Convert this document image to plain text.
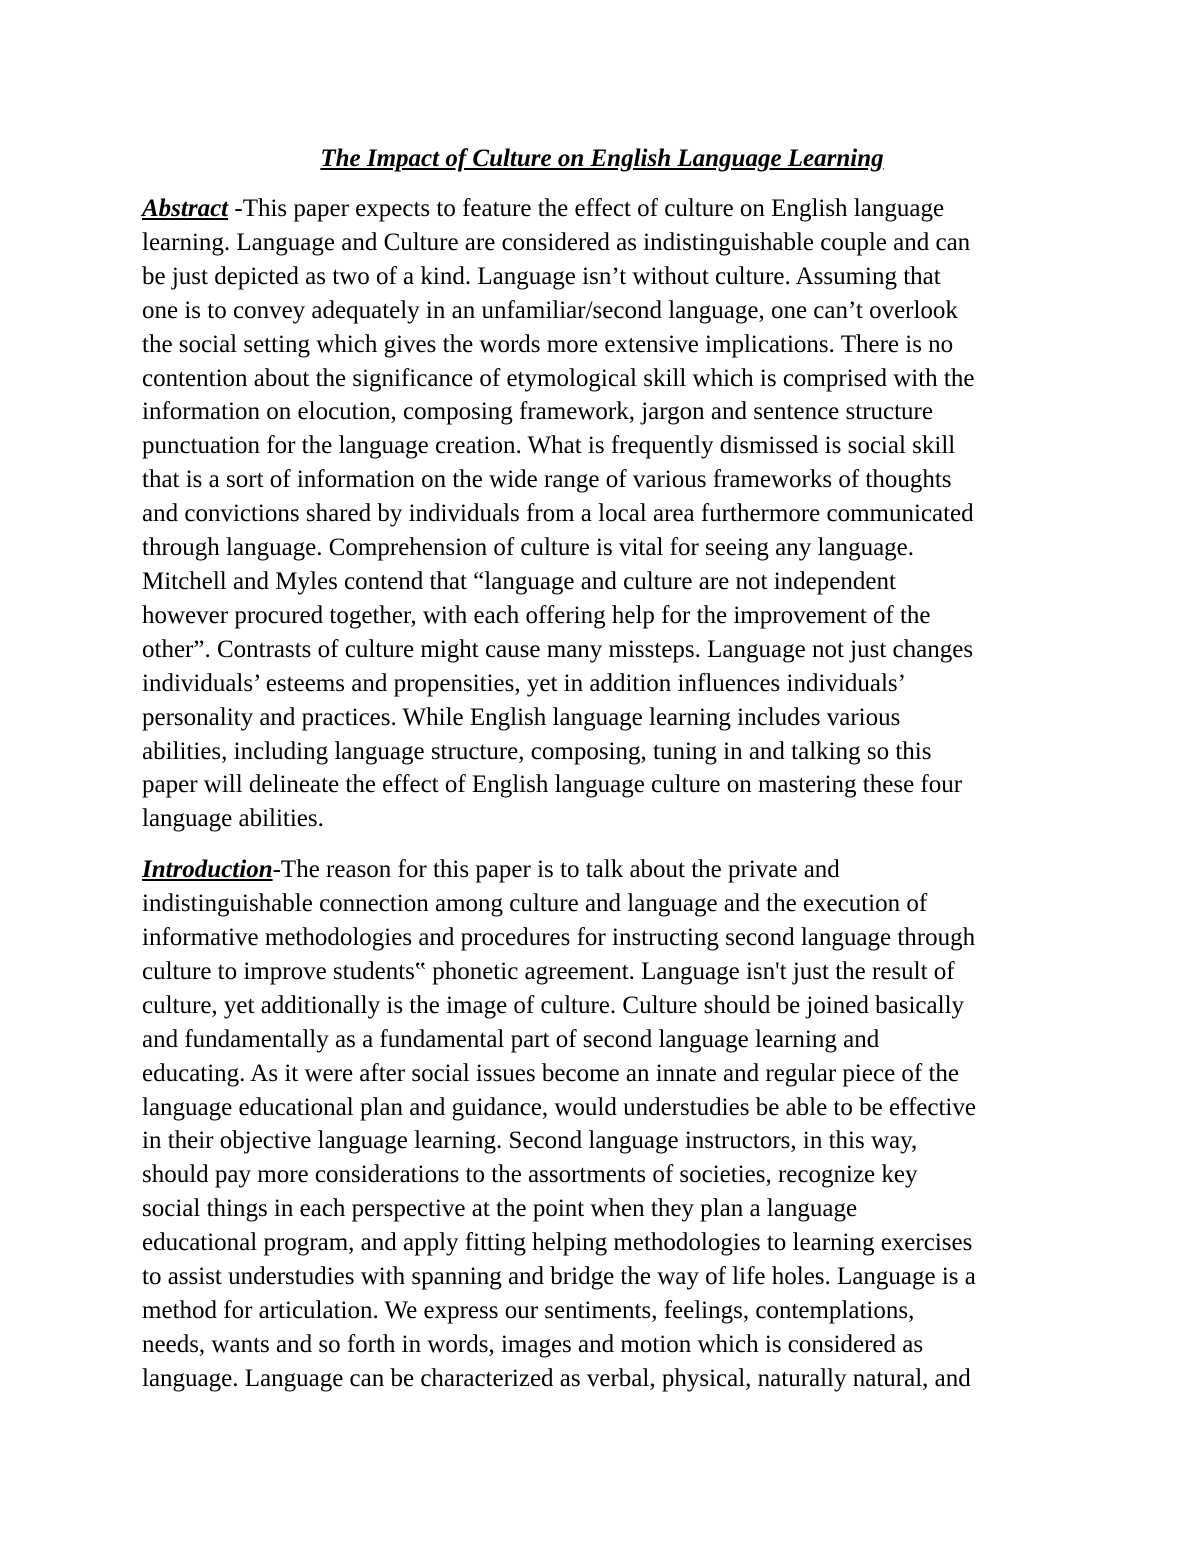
The Impact of Culture on English Language Learning
Abstract -This paper expects to feature the effect of culture on English language
learning. Language and Culture are considered as indistinguishable couple and can
be just depicted as two of a kind. Language isn’t without culture. Assuming that
one is to convey adequately in an unfamiliar/second language, one can’t overlook
the social setting which gives the words more extensive implications. There is no
contention about the significance of etymological skill which is comprised with the
information on elocution, composing framework, jargon and sentence structure
punctuation for the language creation. What is frequently dismissed is social skill
that is a sort of information on the wide range of various frameworks of thoughts
and convictions shared by individuals from a local area furthermore communicated
through language. Comprehension of culture is vital for seeing any language.
Mitchell and Myles contend that “language and culture are not independent
however procured together, with each offering help for the improvement of the
other”. Contrasts of culture might cause many missteps. Language not just changes
individuals’ esteems and propensities, yet in addition influences individuals’
personality and practices. While English language learning includes various
abilities, including language structure, composing, tuning in and talking so this
paper will delineate the effect of English language culture on mastering these four
language abilities.
Introduction-The reason for this paper is to talk about the private and
indistinguishable connection among culture and language and the execution of
informative methodologies and procedures for instructing second language through
culture to improve students‟ phonetic agreement. Language isn't just the result of
culture, yet additionally is the image of culture. Culture should be joined basically
and fundamentally as a fundamental part of second language learning and
educating. As it were after social issues become an innate and regular piece of the
language educational plan and guidance, would understudies be able to be effective
in their objective language learning. Second language instructors, in this way,
should pay more considerations to the assortments of societies, recognize key
social things in each perspective at the point when they plan a language
educational program, and apply fitting helping methodologies to learning exercises
to assist understudies with spanning and bridge the way of life holes. Language is a
method for articulation. We express our sentiments, feelings, contemplations,
needs, wants and so forth in words, images and motion which is considered as
language. Language can be characterized as verbal, physical, naturally natural, and
